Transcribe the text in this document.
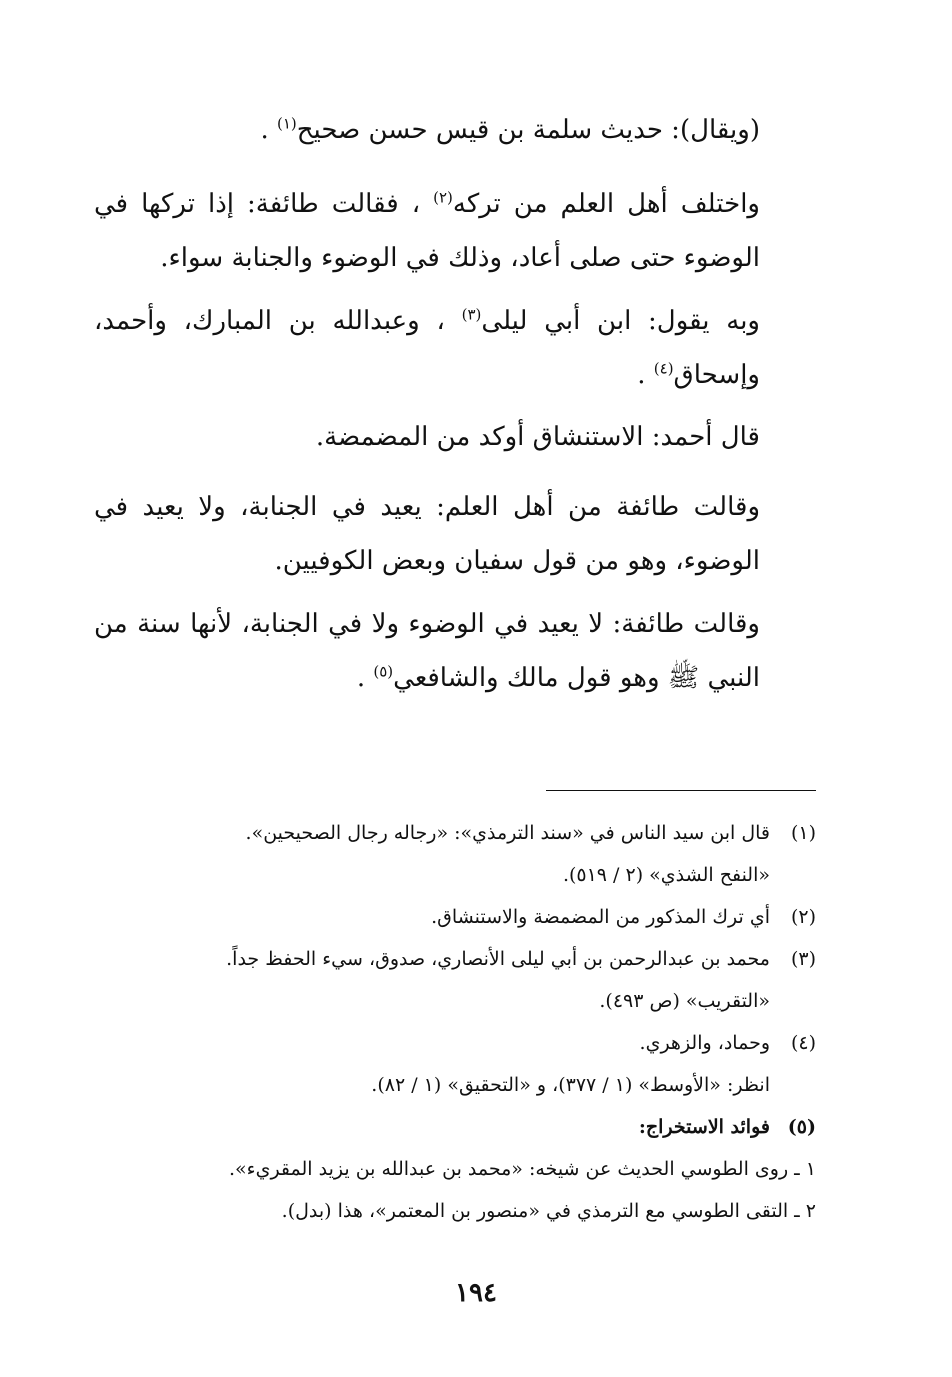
(ويقال): حديث سلمة بن قيس حسن صحيح$^{(١)}$ .

واختلف أهل العلم من تركه$^{(٢)}$ ، فقالت طائفة: إذا تركها في الوضوء حتى صلى أعاد، وذلك في الوضوء والجنابة سواء.

وبه يقول: ابن أبي ليلى$^{(٣)}$ ، وعبدالله بن المبارك، وأحمد، وإسحاق$^{(٤)}$ .

قال أحمد: الاستنشاق أوكد من المضمضة.

وقالت طائفة من أهل العلم: يعيد في الجنابة، ولا يعيد في الوضوء، وهو من قول سفيان وبعض الكوفيين.

وقالت طائفة: لا يعيد في الوضوء ولا في الجنابة، لأنها سنة من النبي ﷺ وهو قول مالك والشافعي$^{(٥)}$ .

(١)قال ابن سيد الناس في «سند الترمذي»: «رجاله رجال الصحيحين».

«النفح الشذي» (٢ / ٥١٩).

(٢)أي ترك المذكور من المضمضة والاستنشاق.

(٣)محمد بن عبدالرحمن بن أبي ليلى الأنصاري، صدوق، سيء الحفظ جداً.

«التقريب» (ص ٤٩٣).

(٤)وحماد، والزهري.

انظر: «الأوسط» (١ / ٣٧٧)، و «التحقيق» (١ / ٨٢).

(٥)فوائد الاستخراج:

١ ـ روى الطوسي الحديث عن شيخه: «محمد بن عبدالله بن يزيد المقريء».

٢ ـ التقى الطوسي مع الترمذي في «منصور بن المعتمر»، هذا (بدل).

١٩٤
